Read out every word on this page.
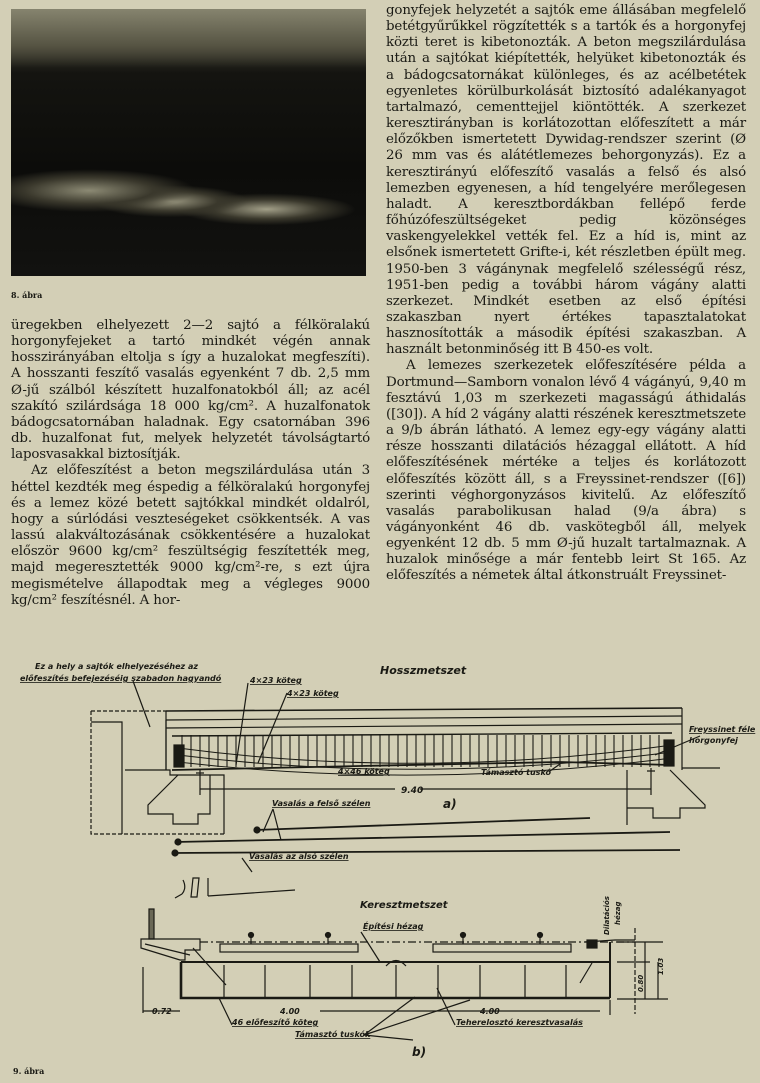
8. ábra

üregekben elhelyezett 2—2 sajtó a félköralakú horgonyfejeket a tartó mindkét végén annak hosszirányában eltolja s így a huzalokat megfeszíti). A hosszanti feszítő vasalás egyenként 7 db. 2,5 mm Ø-jű szálból készített huzalfonatokból áll; az acél szakító szilárdsága 18 000 kg/cm². A huzalfonatok bádogcsatornában haladnak. Egy csatornában 396 db. huzalfonat fut, melyek helyzetét távolságtartó laposvasakkal biztosítják.

Az előfeszítést a beton megszilárdulása után 3 héttel kezdték meg éspedig a félköralakú horgonyfej és a lemez közé betett sajtókkal mindkét oldalról, hogy a súrlódási veszteségeket csökkentsék. A vas lassú alakváltozásának csökkentésére a huzalokat először 9600 kg/cm² feszültségig feszítették meg, majd megeresztették 9000 kg/cm²-re, s ezt újra megismételve állapodtak meg a végleges 9000 kg/cm² feszítésnél. A hor-

gonyfejek helyzetét a sajtók eme állásában megfelelő betétgyűrűkkel rögzítették s a tartók és a horgonyfej közti teret is kibetonozták. A beton megszilárdulása után a sajtókat kiépítették, helyüket kibetonozták és a bádogcsatornákat különleges, és az acélbetétek egyenletes körülburkolását biztosító adalékanyagot tartalmazó, cementtejjel kiöntötték. A szerkezet keresztirányban is korlátozottan előfeszített a már előzőkben ismertetett Dywidag-rendszer szerint (Ø 26 mm vas és alátétlemezes behorgonyzás). Ez a keresztirányú előfeszítő vasalás a felső és alsó lemezben egyenesen, a híd tengelyére merőlegesen haladt. A keresztbordákban fellépő ferde főhúzófeszültségeket pedig közönséges vaskengyelekkel vették fel. Ez a híd is, mint az elsőnek ismertetett Grifte-i, két részletben épült meg. 1950-ben 3 vágánynak megfelelő szélességű rész, 1951-ben pedig a további három vágány alatti szerkezet. Mindkét esetben az első építési szakaszban nyert értékes tapasztalatokat hasznosították a második építési szakaszban. A használt betonminőség itt B 450-es volt.

A lemezes szerkezetek előfeszítésére példa a Dortmund—Samborn vonalon lévő 4 vágányú, 9,40 m fesztávú 1,03 m szerkezeti magasságú áthidalás ([30]). A híd 2 vágány alatti részének keresztmetszete a 9/b ábrán látható. A lemez egy-egy vágány alatti része hosszanti dilatációs hézaggal ellátott. A híd előfeszítésének mértéke a teljes és korlátozott előfeszítés között áll, s a Freyssinet-rendszer ([6]) szerinti véghorgonyzásos kivitelű. Az előfeszítő vasalás parabolikusan halad (9/a ábra) s vágányonként 46 db. vaskötegből áll, melyek egyenként 12 db. 5 mm Ø-jű huzalt tartalmaznak. A huzalok minősége a már fentebb leirt St 165. Az előfeszítés a németek által átkonstruált Freyssinet-

Ez a hely a sajtók elhelyezéséhez az
előfeszítés befejezéséig szabadon hagyandó
Hosszmetszet
4×23 köteg
4×23 köteg
4×46 köteg	Támasztó tuskó
Freyssinet féle
horgonyfej
9.40
a)
Vasalás a felső szélen
Vasalás az alsó szélen
Keresztmetszet
Építési hézag	Dilatációs hézag
0.72	4.00	4.00
0.80
1.03
46 előfeszítő köteg
Támasztó tuskók
Teherelosztó keresztvasalás
b)
9. ábra
